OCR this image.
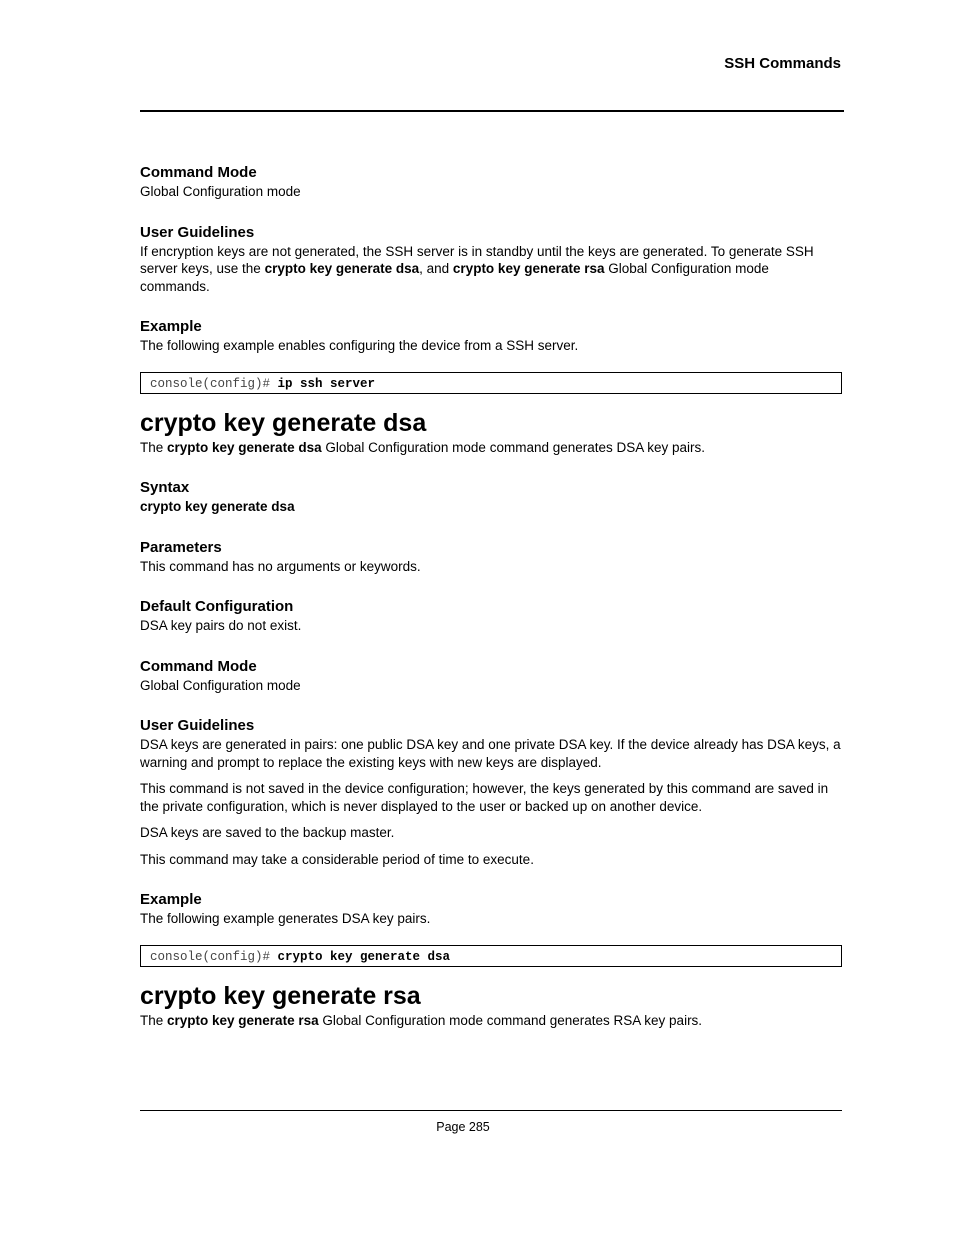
SSH Commands
Command Mode
Global Configuration mode
User Guidelines
If encryption keys are not generated, the SSH server is in standby until the keys are generated. To generate SSH server keys, use the crypto key generate dsa, and crypto key generate rsa Global Configuration mode commands.
Example
The following example enables configuring the device from a SSH server.
console(config)# ip ssh server
crypto key generate dsa
The crypto key generate dsa Global Configuration mode command generates DSA key pairs.
Syntax
crypto key generate dsa
Parameters
This command has no arguments or keywords.
Default Configuration
DSA key pairs do not exist.
Command Mode
Global Configuration mode
User Guidelines
DSA keys are generated in pairs: one public DSA key and one private DSA key. If the device already has DSA keys, a warning and prompt to replace the existing keys with new keys are displayed.
This command is not saved in the device configuration; however, the keys generated by this command are saved in the private configuration, which is never displayed to the user or backed up on another device.
DSA keys are saved to the backup master.
This command may take a considerable period of time to execute.
Example
The following example generates DSA key pairs.
console(config)# crypto key generate dsa
crypto key generate rsa
The crypto key generate rsa Global Configuration mode command generates RSA key pairs.
Page 285
